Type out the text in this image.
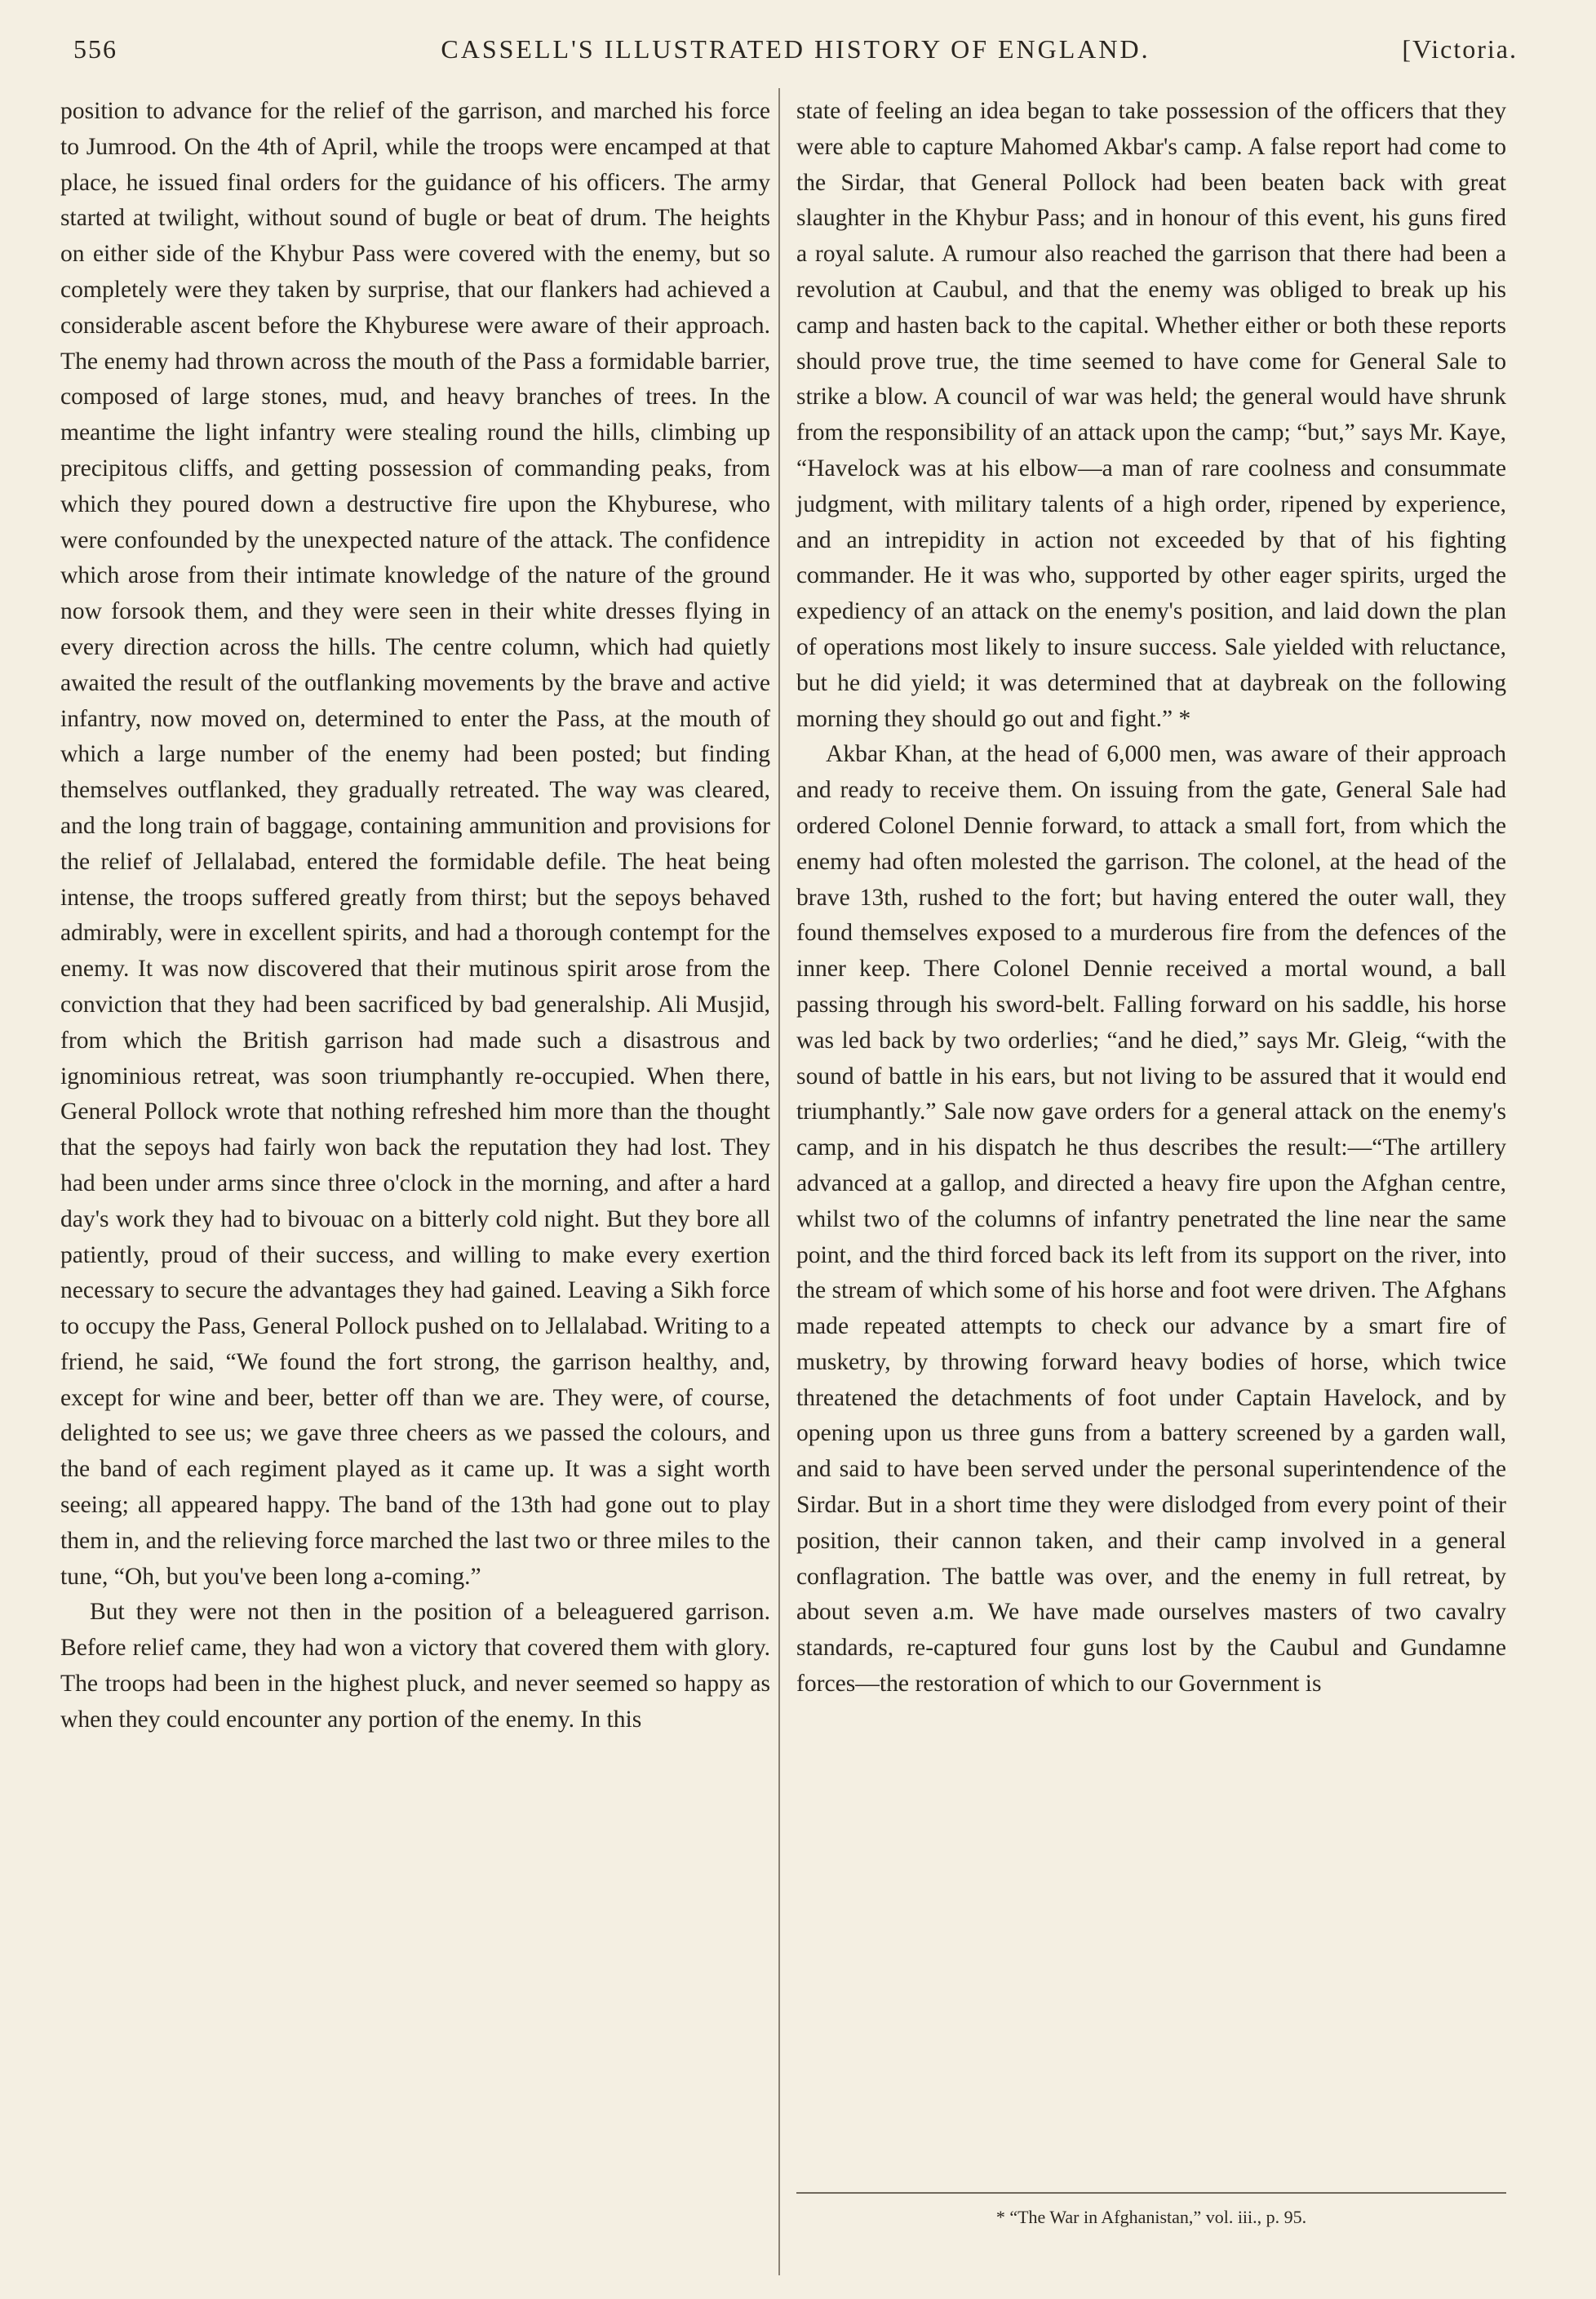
556	CASSELL'S ILLUSTRATED HISTORY OF ENGLAND.	[Victoria.

position to advance for the relief of the garrison, and marched his force to Jumrood. On the 4th of April, while the troops were encamped at that place, he issued final orders for the guidance of his officers. The army started at twilight, without sound of bugle or beat of drum. The heights on either side of the Khybur Pass were covered with the enemy, but so completely were they taken by surprise, that our flankers had achieved a considerable ascent before the Khyburese were aware of their approach. The enemy had thrown across the mouth of the Pass a formidable barrier, composed of large stones, mud, and heavy branches of trees. In the meantime the light infantry were stealing round the hills, climbing up precipitous cliffs, and getting possession of commanding peaks, from which they poured down a destructive fire upon the Khyburese, who were confounded by the unexpected nature of the attack. The confidence which arose from their intimate knowledge of the nature of the ground now forsook them, and they were seen in their white dresses flying in every direction across the hills. The centre column, which had quietly awaited the result of the outflanking movements by the brave and active infantry, now moved on, determined to enter the Pass, at the mouth of which a large number of the enemy had been posted; but finding themselves outflanked, they gradually retreated. The way was cleared, and the long train of baggage, containing ammunition and provisions for the relief of Jellalabad, entered the formidable defile. The heat being intense, the troops suffered greatly from thirst; but the sepoys behaved admirably, were in excellent spirits, and had a thorough contempt for the enemy. It was now discovered that their mutinous spirit arose from the conviction that they had been sacrificed by bad generalship. Ali Musjid, from which the British garrison had made such a disastrous and ignominious retreat, was soon triumphantly re-occupied. When there, General Pollock wrote that nothing refreshed him more than the thought that the sepoys had fairly won back the reputation they had lost. They had been under arms since three o'clock in the morning, and after a hard day's work they had to bivouac on a bitterly cold night. But they bore all patiently, proud of their success, and willing to make every exertion necessary to secure the advantages they had gained. Leaving a Sikh force to occupy the Pass, General Pollock pushed on to Jellalabad. Writing to a friend, he said, “We found the fort strong, the garrison healthy, and, except for wine and beer, better off than we are. They were, of course, delighted to see us; we gave three cheers as we passed the colours, and the band of each regiment played as it came up. It was a sight worth seeing; all appeared happy. The band of the 13th had gone out to play them in, and the relieving force marched the last two or three miles to the tune, “Oh, but you've been long a-coming.”

But they were not then in the position of a beleaguered garrison. Before relief came, they had won a victory that covered them with glory. The troops had been in the highest pluck, and never seemed so happy as when they could encounter any portion of the enemy. In this

state of feeling an idea began to take possession of the officers that they were able to capture Mahomed Akbar's camp. A false report had come to the Sirdar, that General Pollock had been beaten back with great slaughter in the Khybur Pass; and in honour of this event, his guns fired a royal salute. A rumour also reached the garrison that there had been a revolution at Caubul, and that the enemy was obliged to break up his camp and hasten back to the capital. Whether either or both these reports should prove true, the time seemed to have come for General Sale to strike a blow. A council of war was held; the general would have shrunk from the responsibility of an attack upon the camp; “but,” says Mr. Kaye, “Havelock was at his elbow—a man of rare coolness and consummate judgment, with military talents of a high order, ripened by experience, and an intrepidity in action not exceeded by that of his fighting commander. He it was who, supported by other eager spirits, urged the expediency of an attack on the enemy's position, and laid down the plan of operations most likely to insure success. Sale yielded with reluctance, but he did yield; it was determined that at daybreak on the following morning they should go out and fight.” *

Akbar Khan, at the head of 6,000 men, was aware of their approach and ready to receive them. On issuing from the gate, General Sale had ordered Colonel Dennie forward, to attack a small fort, from which the enemy had often molested the garrison. The colonel, at the head of the brave 13th, rushed to the fort; but having entered the outer wall, they found themselves exposed to a murderous fire from the defences of the inner keep. There Colonel Dennie received a mortal wound, a ball passing through his sword-belt. Falling forward on his saddle, his horse was led back by two orderlies; “and he died,” says Mr. Gleig, “with the sound of battle in his ears, but not living to be assured that it would end triumphantly.” Sale now gave orders for a general attack on the enemy's camp, and in his dispatch he thus describes the result:—“The artillery advanced at a gallop, and directed a heavy fire upon the Afghan centre, whilst two of the columns of infantry penetrated the line near the same point, and the third forced back its left from its support on the river, into the stream of which some of his horse and foot were driven. The Afghans made repeated attempts to check our advance by a smart fire of musketry, by throwing forward heavy bodies of horse, which twice threatened the detachments of foot under Captain Havelock, and by opening upon us three guns from a battery screened by a garden wall, and said to have been served under the personal superintendence of the Sirdar. But in a short time they were dislodged from every point of their position, their cannon taken, and their camp involved in a general conflagration. The battle was over, and the enemy in full retreat, by about seven a.m. We have made ourselves masters of two cavalry standards, re-captured four guns lost by the Caubul and Gundamne forces—the restoration of which to our Government is

* “The War in Afghanistan,” vol. iii., p. 95.
